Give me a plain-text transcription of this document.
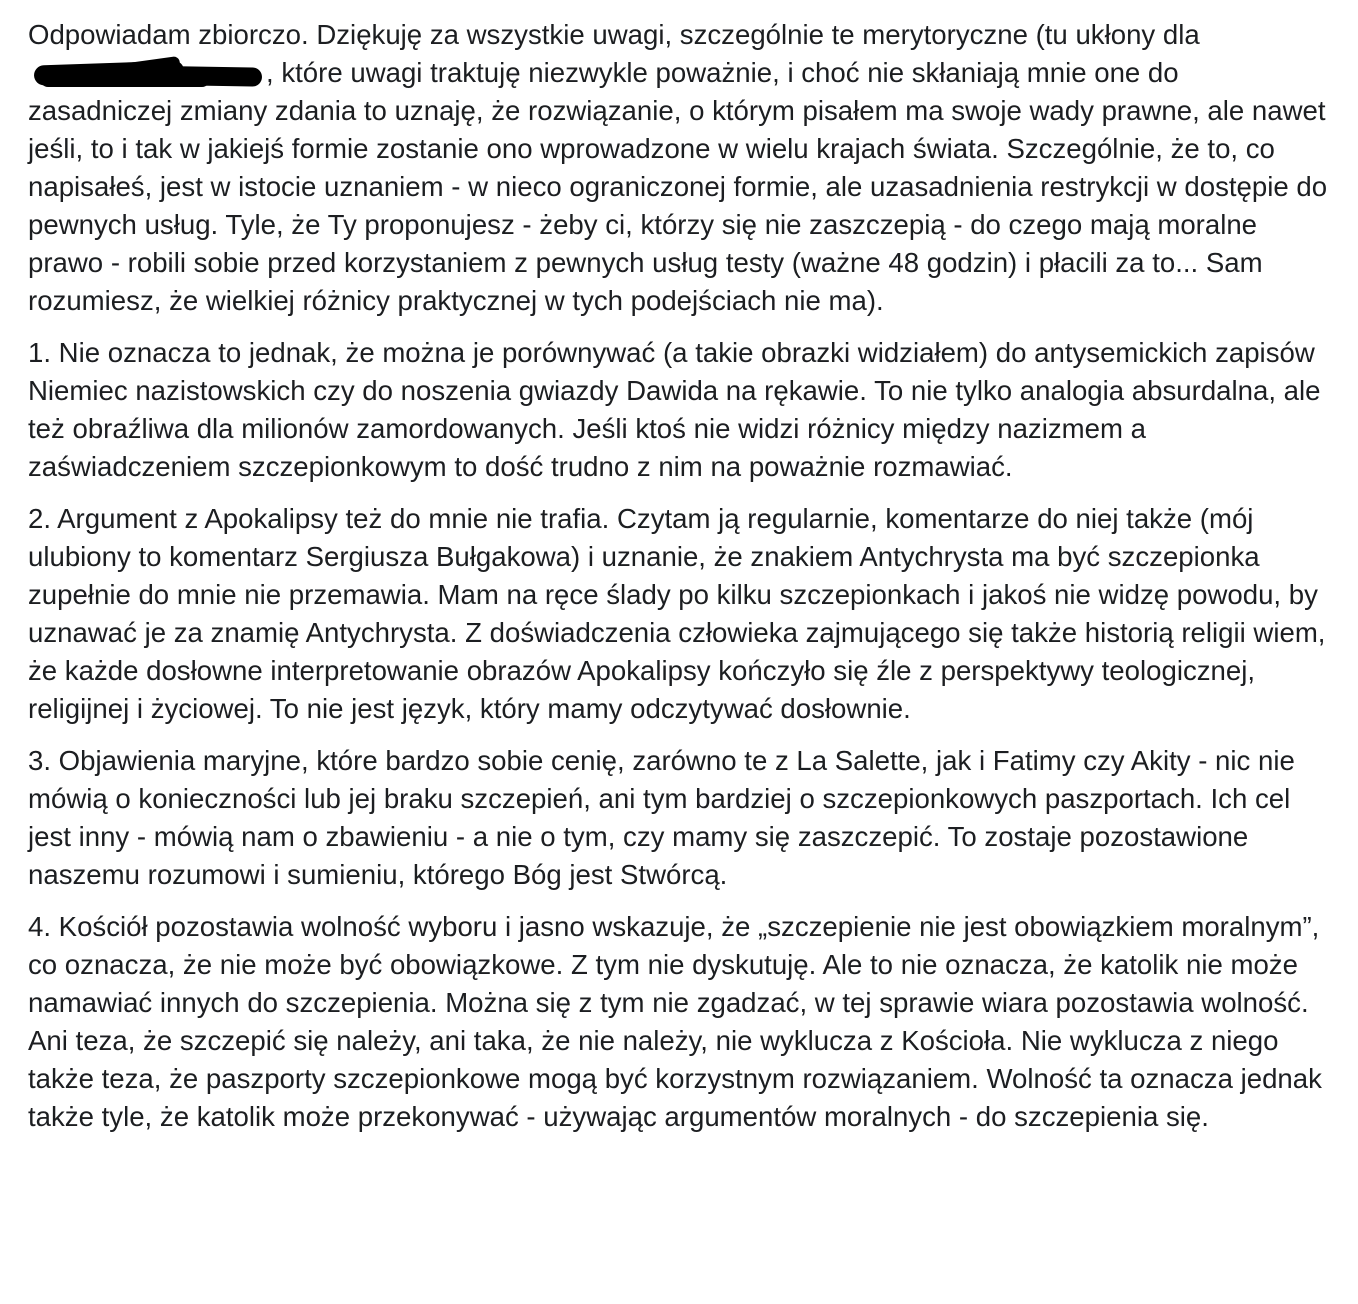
Odpowiadam zbiorczo. Dziękuję za wszystkie uwagi, szczególnie te merytoryczne (tu ukłony dla
, które uwagi traktuję niezwykle poważnie, i choć nie skłaniają mnie one do zasadniczej zmiany zdania to uznaję, że rozwiązanie, o którym pisałem ma swoje wady prawne, ale nawet jeśli, to i tak w jakiejś formie zostanie ono wprowadzone w wielu krajach świata. Szczególnie, że to, co napisałeś, jest w istocie uznaniem - w nieco ograniczonej formie, ale uzasadnienia restrykcji w dostępie do pewnych usług. Tyle, że Ty proponujesz - żeby ci, którzy się nie zaszczepią - do czego mają moralne prawo - robili sobie przed korzystaniem z pewnych usług testy (ważne 48 godzin) i płacili za to... Sam rozumiesz, że wielkiej różnicy praktycznej w tych podejściach nie ma).

1. Nie oznacza to jednak, że można je porównywać (a takie obrazki widziałem) do antysemickich zapisów Niemiec nazistowskich czy do noszenia gwiazdy Dawida na rękawie. To nie tylko analogia absurdalna, ale też obraźliwa dla milionów zamordowanych. Jeśli ktoś nie widzi różnicy między nazizmem a zaświadczeniem szczepionkowym to dość trudno z nim na poważnie rozmawiać.

2. Argument z Apokalipsy też do mnie nie trafia. Czytam ją regularnie, komentarze do niej także (mój ulubiony to komentarz Sergiusza Bułgakowa) i uznanie, że znakiem Antychrysta ma być szczepionka zupełnie do mnie nie przemawia. Mam na ręce ślady po kilku szczepionkach i jakoś nie widzę powodu, by uznawać je za znamię Antychrysta. Z doświadczenia człowieka zajmującego się także historią religii wiem, że każde dosłowne interpretowanie obrazów Apokalipsy kończyło się źle z perspektywy teologicznej, religijnej i życiowej. To nie jest język, który mamy odczytywać dosłownie.

3. Objawienia maryjne, które bardzo sobie cenię, zarówno te z La Salette, jak i Fatimy czy Akity - nic nie mówią o konieczności lub jej braku szczepień, ani tym bardziej o szczepionkowych paszportach. Ich cel jest inny - mówią nam o zbawieniu - a nie o tym, czy mamy się zaszczepić. To zostaje pozostawione naszemu rozumowi i sumieniu, którego Bóg jest Stwórcą.

4. Kościół pozostawia wolność wyboru i jasno wskazuje, że „szczepienie nie jest obowiązkiem moralnym”, co oznacza, że nie może być obowiązkowe. Z tym nie dyskutuję. Ale to nie oznacza, że katolik nie może namawiać innych do szczepienia. Można się z tym nie zgadzać, w tej sprawie wiara pozostawia wolność. Ani teza, że szczepić się należy, ani taka, że nie należy, nie wyklucza z Kościoła. Nie wyklucza z niego także teza, że paszporty szczepionkowe mogą być korzystnym rozwiązaniem. Wolność ta oznacza jednak także tyle, że katolik może przekonywać - używając argumentów moralnych - do szczepienia się.
